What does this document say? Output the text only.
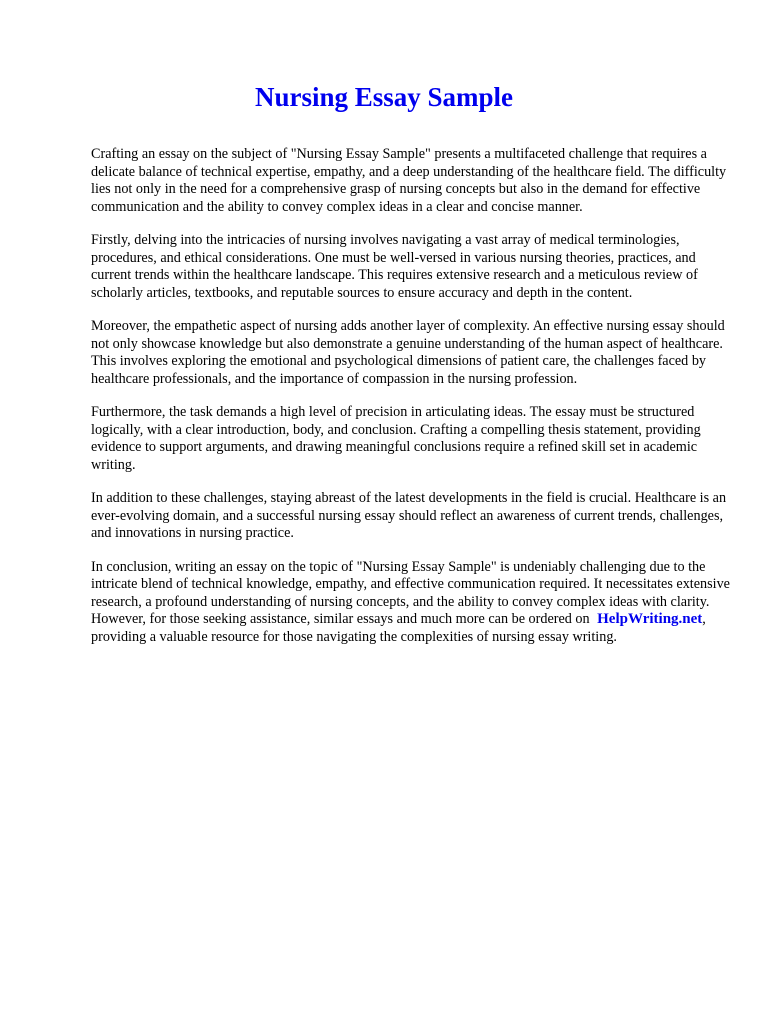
Nursing Essay Sample

Crafting an essay on the subject of "Nursing Essay Sample" presents a multifaceted challenge that requires a delicate balance of technical expertise, empathy, and a deep understanding of the healthcare field. The difficulty lies not only in the need for a comprehensive grasp of nursing concepts but also in the demand for effective communication and the ability to convey complex ideas in a clear and concise manner.

Firstly, delving into the intricacies of nursing involves navigating a vast array of medical terminologies, procedures, and ethical considerations. One must be well-versed in various nursing theories, practices, and current trends within the healthcare landscape. This requires extensive research and a meticulous review of scholarly articles, textbooks, and reputable sources to ensure accuracy and depth in the content.

Moreover, the empathetic aspect of nursing adds another layer of complexity. An effective nursing essay should not only showcase knowledge but also demonstrate a genuine understanding of the human aspect of healthcare. This involves exploring the emotional and psychological dimensions of patient care, the challenges faced by healthcare professionals, and the importance of compassion in the nursing profession.

Furthermore, the task demands a high level of precision in articulating ideas. The essay must be structured logically, with a clear introduction, body, and conclusion. Crafting a compelling thesis statement, providing evidence to support arguments, and drawing meaningful conclusions require a refined skill set in academic writing.

In addition to these challenges, staying abreast of the latest developments in the field is crucial. Healthcare is an ever-evolving domain, and a successful nursing essay should reflect an awareness of current trends, challenges, and innovations in nursing practice.

In conclusion, writing an essay on the topic of "Nursing Essay Sample" is undeniably challenging due to the intricate blend of technical knowledge, empathy, and effective communication required. It necessitates extensive research, a profound understanding of nursing concepts, and the ability to convey complex ideas with clarity. However, for those seeking assistance, similar essays and much more can be ordered on HelpWriting.net, providing a valuable resource for those navigating the complexities of nursing essay writing.
